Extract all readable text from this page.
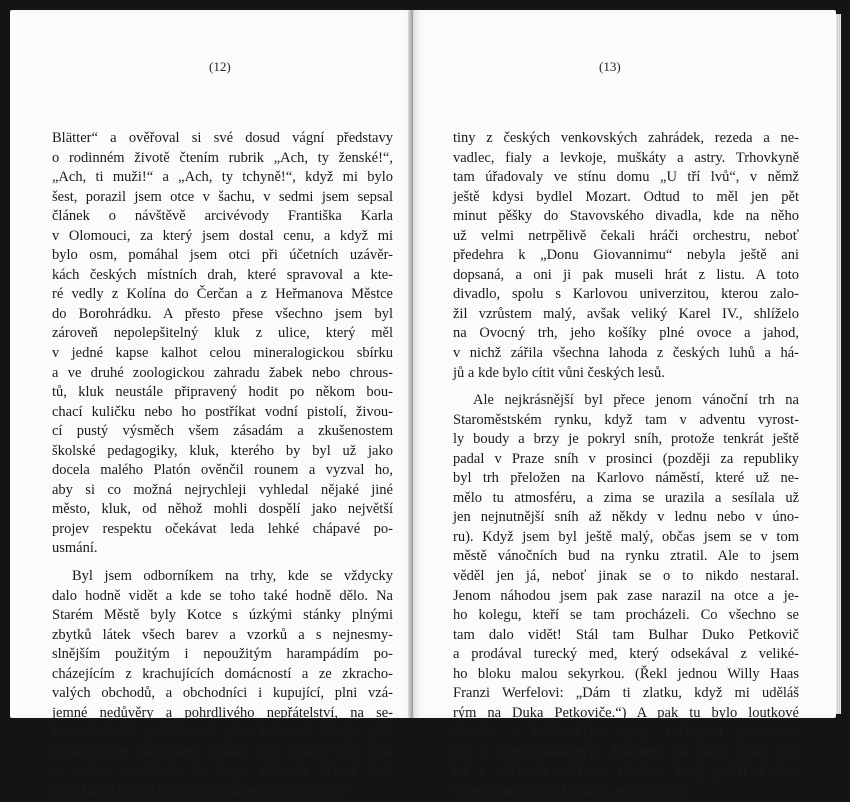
(12)
Blätter“ a ověřoval si své dosud vágní představy
o rodinném životě čtením rubrik „Ach, ty ženské!“,
„Ach, ti muži!“ a „Ach, ty tchyně!“, když mi bylo
šest, porazil jsem otce v šachu, v sedmi jsem sepsal
článek o návštěvě arcivévody Františka Karla
v Olomouci, za který jsem dostal cenu, a když mi
bylo osm, pomáhal jsem otci při účetních uzávěr-
kách českých místních drah, které spravoval a kte-
ré vedly z Kolína do Čerčan a z Heřmanova Městce
do Borohrádku. A přesto přese všechno jsem byl
zároveň nepolepšitelný kluk z ulice, který měl
v jedné kapse kalhot celou mineralogickou sbírku
a ve druhé zoologickou zahradu žabek nebo chrous-
tů, kluk neustále připravený hodit po někom bou-
chací kuličku nebo ho postříkat vodní pistolí, živou-
cí pustý výsměch všem zásadám a zkušenostem
školské pedagogiky, kluk, kterého by byl už jako
docela malého Platón ověnčil rounem a vyzval ho,
aby si co možná nejrychleji vyhledal nějaké jiné
město, kluk, od něhož mohli dospělí jako největší
projev respektu očekávat leda lehké chápavé po-
usmání.
Byl jsem odborníkem na trhy, kde se vždycky
dalo hodně vidět a kde se toho také hodně dělo. Na
Starém Městě byly Kotce s úzkými stánky plnými
zbytků látek všech barev a vzorků a s nejnesmy-
slnějším použitým i nepoužitým harampádím po-
cházejícím z krachujících domácností a ze zkracho-
valých obchodů, a obchodníci i kupující, plni vzá-
jemné nedůvěry a pohrdlivého nepřátelství, na se-
be velkohubě pokřikovali jako hrdinové Iliady před
rozhodujícím soubojem. Poblíž byl Uhelný trh, kde
se ovšem nenabízelo ke koupi uhlí, ale hlavně kvě-
tiny, žádné přepychové, pouze dojemně prosté kvě-
(13)
tiny z českých venkovských zahrádek, rezeda a ne-
vadlec, fialy a levkoje, muškáty a astry. Trhovkyně
tam úřadovaly ve stínu domu „U tří lvů“, v němž
ještě kdysi bydlel Mozart. Odtud to měl jen pět
minut pěšky do Stavovského divadla, kde na něho
už velmi netrpělivě čekali hráči orchestru, neboť
předehra k „Donu Giovannimu“ nebyla ještě ani
dopsaná, a oni ji pak museli hrát z listu. A toto
divadlo, spolu s Karlovou univerzitou, kterou zalo-
žil vzrůstem malý, avšak veliký Karel IV., shlíželo
na Ovocný trh, jeho košíky plné ovoce a jahod,
v nichž zářila všechna lahoda z českých luhů a há-
jů a kde bylo cítit vůni českých lesů.
Ale nejkrásnější byl přece jenom vánoční trh na
Staroměstském rynku, když tam v adventu vyrost-
ly boudy a brzy je pokryl sníh, protože tenkrát ještě
padal v Praze sníh v prosinci (později za republiky
byl trh přeložen na Karlovo náměstí, které už ne-
mělo tu atmosféru, a zima se urazila a sesílala už
jen nejnutnější sníh až někdy v lednu nebo v úno-
ru). Když jsem byl ještě malý, občas jsem se v tom
městě vánočních bud na rynku ztratil. Ale to jsem
věděl jen já, neboť jinak se o to nikdo nestaral.
Jenom náhodou jsem pak zase narazil na otce a je-
ho kolegu, kteří se tam procházeli. Co všechno se
tam dalo vidět! Stál tam Bulhar Duko Petkovič
a prodával turecký med, který odsekával z veliké-
ho bloku malou sekyrkou. (Řekl jednou Willy Haas
Franzi Werfelovi: „Dám ti zlatku, když mi uděláš
rým na Duka Petkoviče.“) A pak tu bylo loutkové
divadlo s královskými syny, zakletými princezna-
mi a nepostradatelným Faustem, na nějž česky vo-
lal z obchodu střižním zbožím, který patřil Kafko-
vu otci Hermannu Kafkovi, strašný hlas:
